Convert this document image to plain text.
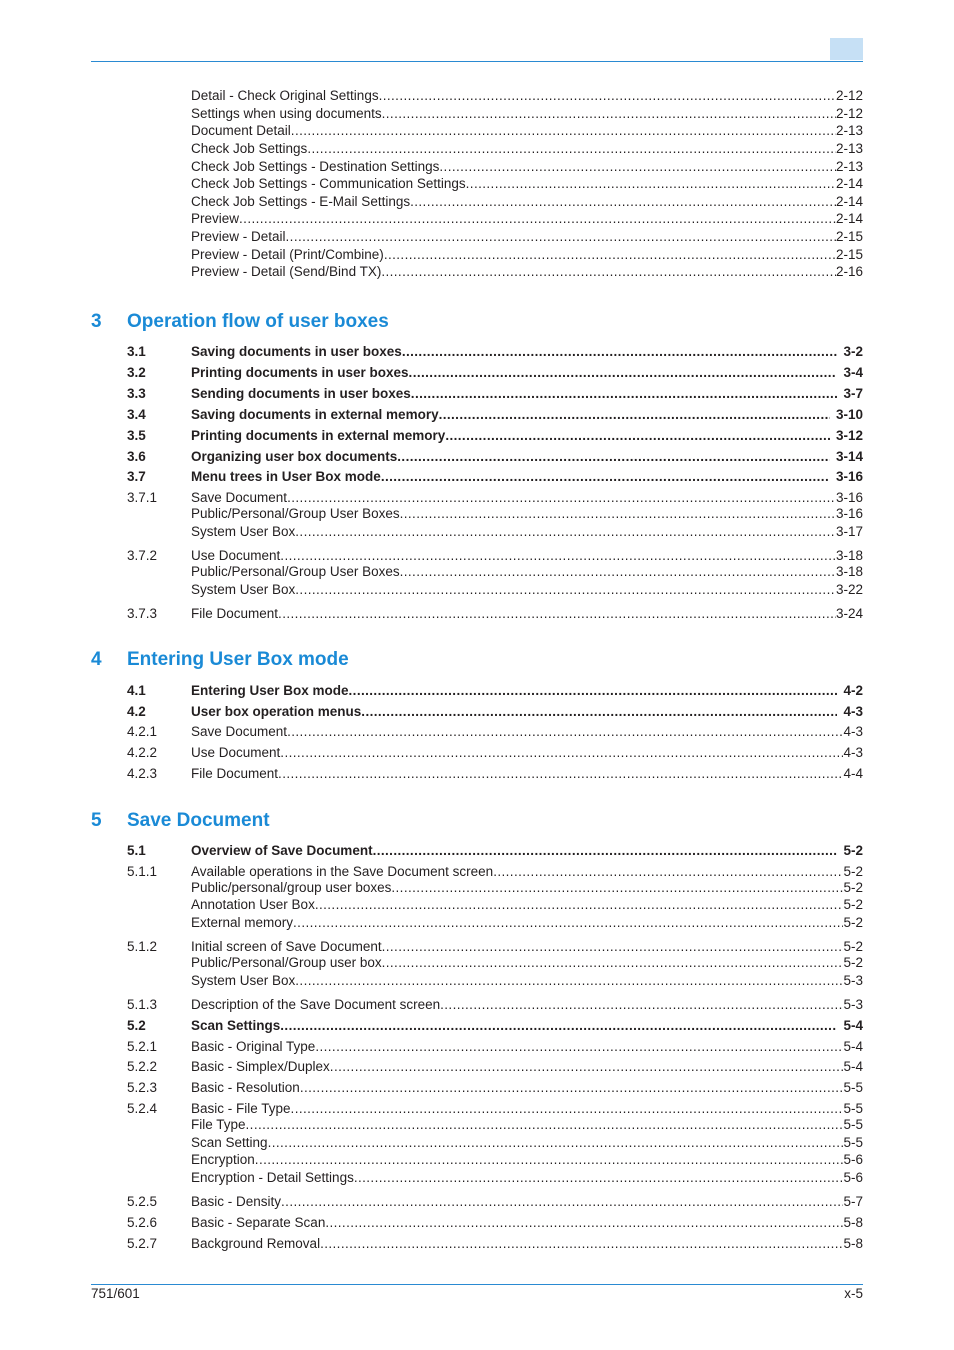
Detail - Check Original Settings .....	2-12
Settings when using documents .....	2-12
Document Detail .....	2-13
Check Job Settings .....	2-13
Check Job Settings - Destination Settings .....	2-13
Check Job Settings - Communication Settings .....	2-14
Check Job Settings - E-Mail Settings .....	2-14
Preview .....	2-14
Preview - Detail .....	2-15
Preview - Detail (Print/Combine) .....	2-15
Preview - Detail (Send/Bind TX) .....	2-16
3 Operation flow of user boxes
3.1	Saving documents in user boxes .....	3-2
3.2	Printing documents in user boxes .....	3-4
3.3	Sending documents in user boxes .....	3-7
3.4	Saving documents in external memory .....	3-10
3.5	Printing documents in external memory .....	3-12
3.6	Organizing user box documents .....	3-14
3.7	Menu trees in User Box mode .....	3-16
3.7.1	Save Document .....	3-16
Public/Personal/Group User Boxes .....	3-16
System User Box .....	3-17
3.7.2	Use Document .....	3-18
Public/Personal/Group User Boxes .....	3-18
System User Box .....	3-22
3.7.3	File Document .....	3-24
4 Entering User Box mode
4.1	Entering User Box mode .....	4-2
4.2	User box operation menus .....	4-3
4.2.1	Save Document .....	4-3
4.2.2	Use Document .....	4-3
4.2.3	File Document .....	4-4
5 Save Document
5.1	Overview of Save Document .....	5-2
5.1.1	Available operations in the Save Document screen .....	5-2
Public/personal/group user boxes .....	5-2
Annotation User Box .....	5-2
External memory .....	5-2
5.1.2	Initial screen of Save Document .....	5-2
Public/Personal/Group user box .....	5-2
System User Box .....	5-3
5.1.3	Description of the Save Document screen .....	5-3
5.2	Scan Settings .....	5-4
5.2.1	Basic - Original Type .....	5-4
5.2.2	Basic - Simplex/Duplex .....	5-4
5.2.3	Basic - Resolution .....	5-5
5.2.4	Basic - File Type .....	5-5
File Type .....	5-5
Scan Setting .....	5-5
Encryption .....	5-6
Encryption - Detail Settings .....	5-6
5.2.5	Basic - Density .....	5-7
5.2.6	Basic - Separate Scan .....	5-8
5.2.7	Background Removal .....	5-8
751/601	x-5
